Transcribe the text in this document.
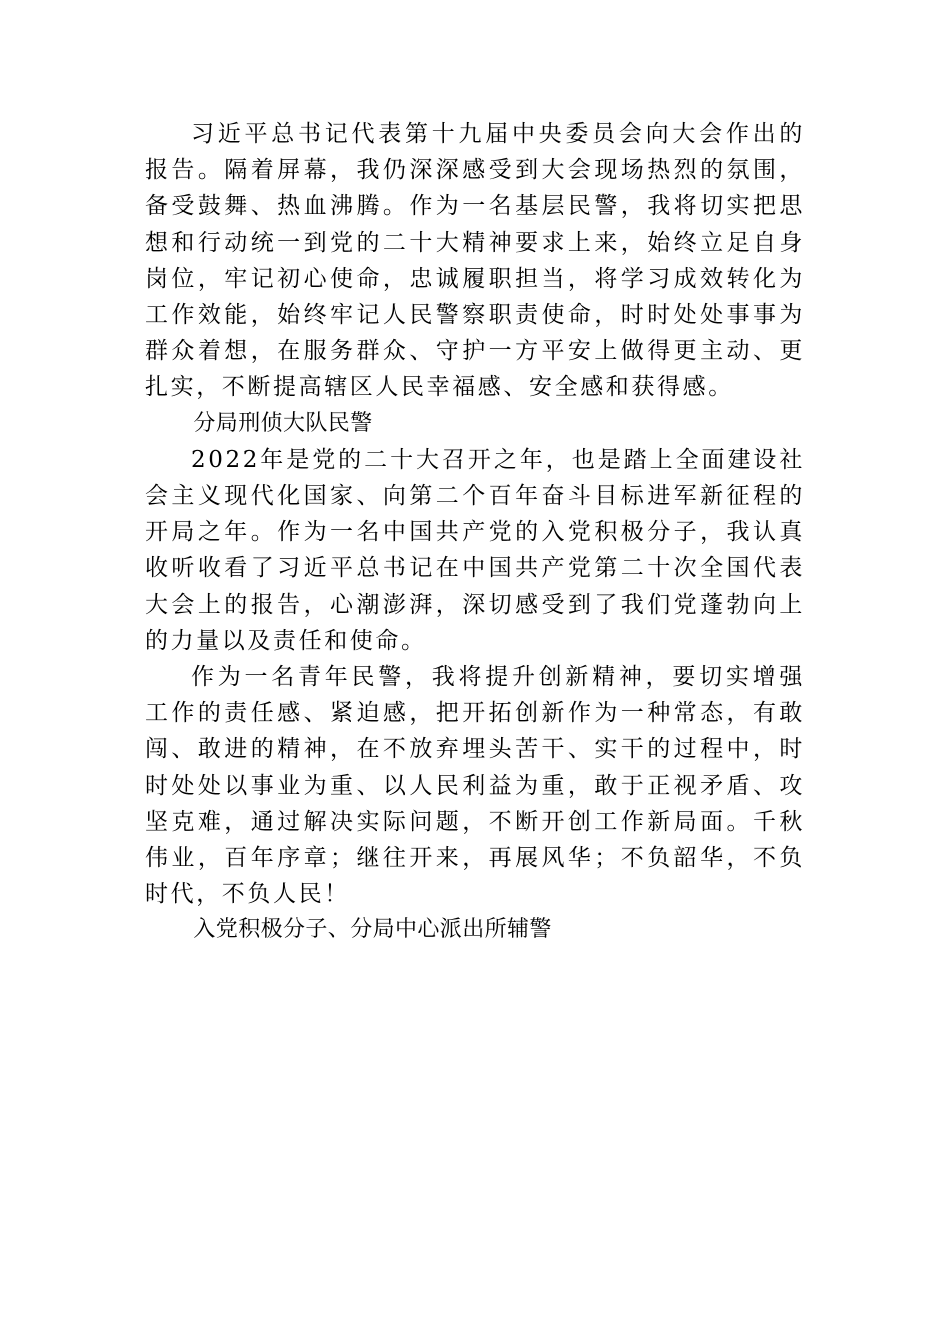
习近平总书记代表第十九届中央委员会向大会作出的报告。隔着屏幕，我仍深深感受到大会现场热烈的氛围，备受鼓舞、热血沸腾。作为一名基层民警，我将切实把思想和行动统一到党的二十大精神要求上来，始终立足自身岗位，牢记初心使命，忠诚履职担当，将学习成效转化为工作效能，始终牢记人民警察职责使命，时时处处事事为群众着想，在服务群众、守护一方平安上做得更主动、更扎实，不断提高辖区人民幸福感、安全感和获得感。

分局刑侦大队民警

2022年是党的二十大召开之年，也是踏上全面建设社会主义现代化国家、向第二个百年奋斗目标进军新征程的开局之年。作为一名中国共产党的入党积极分子，我认真收听收看了习近平总书记在中国共产党第二十次全国代表大会上的报告，心潮澎湃，深切感受到了我们党蓬勃向上的力量以及责任和使命。

作为一名青年民警，我将提升创新精神，要切实增强工作的责任感、紧迫感，把开拓创新作为一种常态，有敢闯、敢进的精神，在不放弃埋头苦干、实干的过程中，时时处处以事业为重、以人民利益为重，敢于正视矛盾、攻坚克难，通过解决实际问题，不断开创工作新局面。千秋伟业，百年序章；继往开来，再展风华；不负韶华，不负时代，不负人民！

入党积极分子、分局中心派出所辅警
